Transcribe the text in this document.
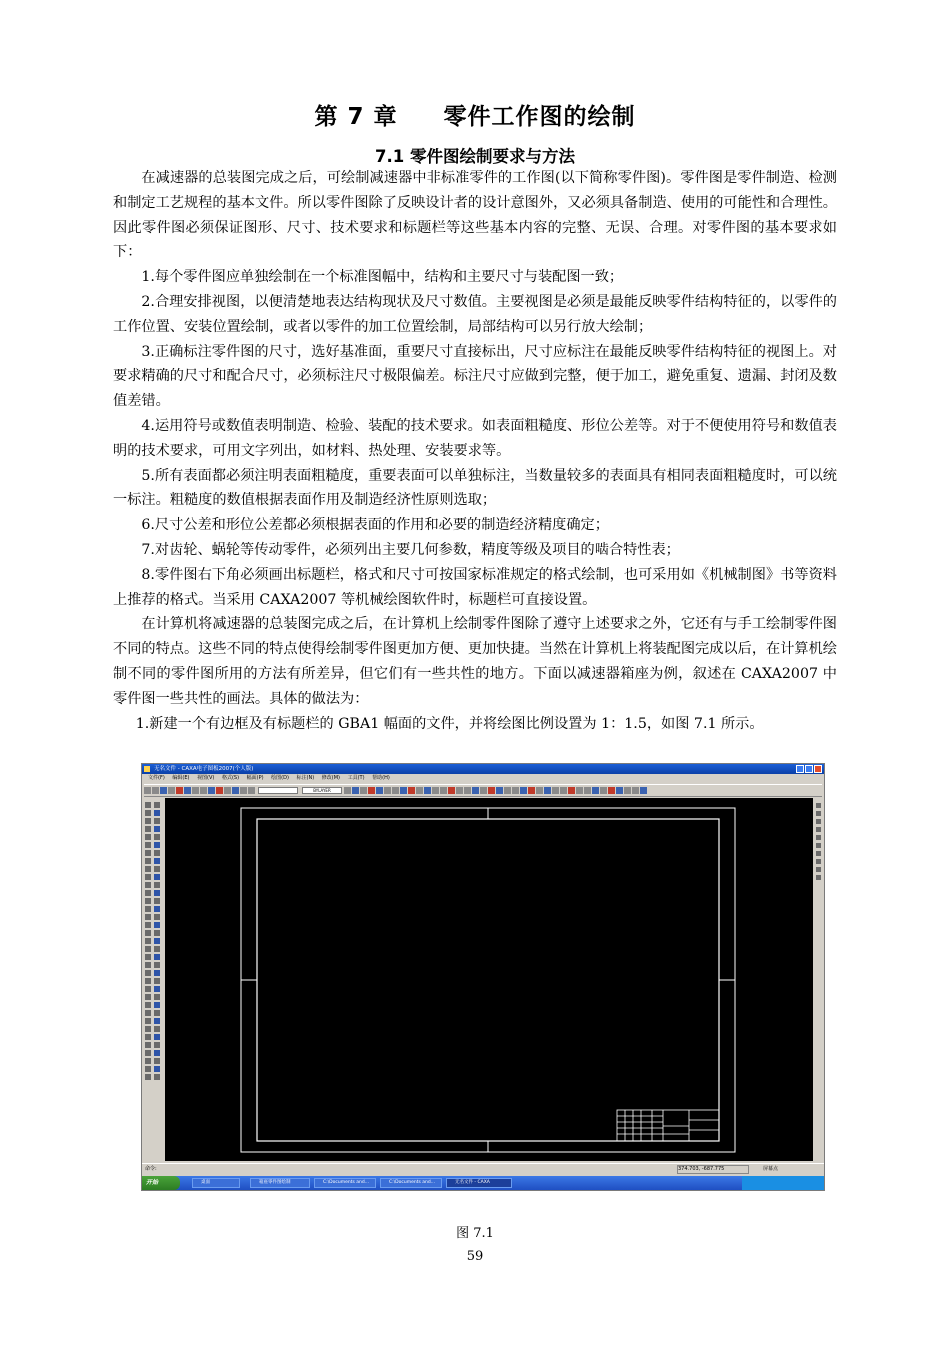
第 7 章 零件工作图的绘制
7.1 零件图绘制要求与方法

在减速器的总装图完成之后，可绘制减速器中非标准零件的工作图(以下简称零件图)。零件图是零件制造、检测和制定工艺规程的基本文件。所以零件图除了反映设计者的设计意图外，又必须具备制造、使用的可能性和合理性。因此零件图必须保证图形、尺寸、技术要求和标题栏等这些基本内容的完整、无误、合理。对零件图的基本要求如下：

1.每个零件图应单独绘制在一个标准图幅中，结构和主要尺寸与装配图一致；

2.合理安排视图，以便清楚地表达结构现状及尺寸数值。主要视图是必须是最能反映零件结构特征的，以零件的工作位置、安装位置绘制，或者以零件的加工位置绘制，局部结构可以另行放大绘制；

3.正确标注零件图的尺寸，选好基准面，重要尺寸直接标出，尺寸应标注在最能反映零件结构特征的视图上。对要求精确的尺寸和配合尺寸，必须标注尺寸极限偏差。标注尺寸应做到完整，便于加工，避免重复、遗漏、封闭及数值差错。

4.运用符号或数值表明制造、检验、装配的技术要求。如表面粗糙度、形位公差等。对于不便使用符号和数值表明的技术要求，可用文字列出，如材料、热处理、安装要求等。

5.所有表面都必须注明表面粗糙度，重要表面可以单独标注，当数量较多的表面具有相同表面粗糙度时，可以统一标注。粗糙度的数值根据表面作用及制造经济性原则选取；

6.尺寸公差和形位公差都必须根据表面的作用和必要的制造经济精度确定；

7.对齿轮、蜗轮等传动零件，必须列出主要几何参数，精度等级及项目的啮合特性表；

8.零件图右下角必须画出标题栏，格式和尺寸可按国家标准规定的格式绘制，也可采用如《机械制图》书等资料上推荐的格式。当采用 CAXA2007 等机械绘图软件时，标题栏可直接设置。

在计算机将减速器的总装图完成之后，在计算机上绘制零件图除了遵守上述要求之外，它还有与手工绘制零件图不同的特点。这些不同的特点使得绘制零件图更加方便、更加快捷。当然在计算机上将装配图完成以后，在计算机绘制不同的零件图所用的方法有所差异，但它们有一些共性的地方。下面以减速器箱座为例，叙述在 CAXA2007 中零件图一些共性的画法。具体的做法为：

1.新建一个有边框及有标题栏的 GBA1 幅面的文件，并将绘图比例设置为 1：1.5，如图 7.1 所示。

无名文件 - CAXA电子图板2007(个人版)
文件(F) 编辑(E) 视图(V) 格式(S) 幅面(P) 绘图(D) 标注(N) 修改(M) 工具(T) 帮助(H)
BYLAYER
命令:	374.703, -687.775	屏幕点
开始	桌面	箱座零件图绘制	C:\Documents and...	C:\Documents and...	无名文件 - CAXA
图 7.1
59
